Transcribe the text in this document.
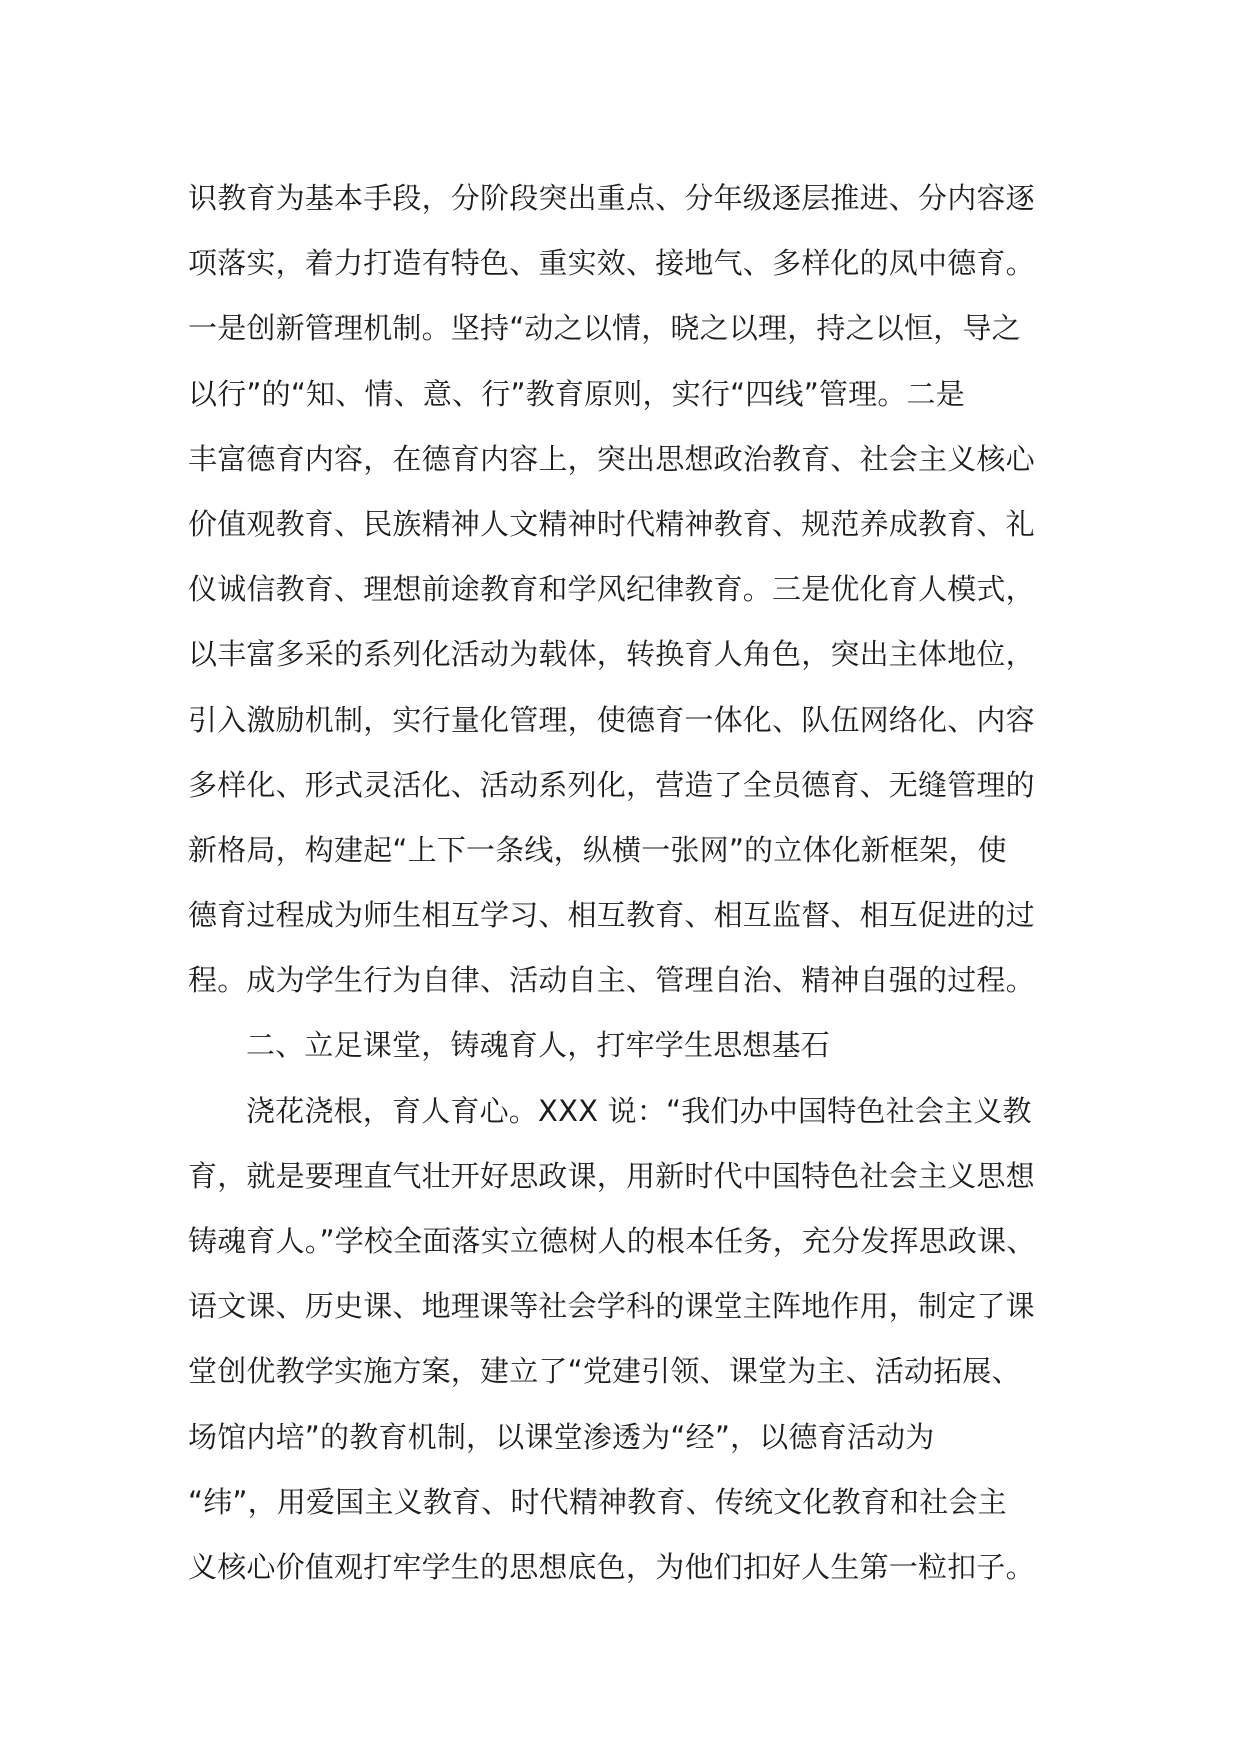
识教育为基本手段，分阶段突出重点、分年级逐层推进、分内容逐
项落实，着力打造有特色、重实效、接地气、多样化的凤中德育。
一是创新管理机制。坚持“动之以情，晓之以理，持之以恒，导之
以行”的“知、情、意、行”教育原则，实行“四线”管理。二是
丰富德育内容，在德育内容上，突出思想政治教育、社会主义核心
价值观教育、民族精神人文精神时代精神教育、规范养成教育、礼
仪诚信教育、理想前途教育和学风纪律教育。三是优化育人模式，
以丰富多采的系列化活动为载体，转换育人角色，突出主体地位，
引入激励机制，实行量化管理，使德育一体化、队伍网络化、内容
多样化、形式灵活化、活动系列化，营造了全员德育、无缝管理的
新格局，构建起“上下一条线，纵横一张网”的立体化新框架，使
德育过程成为师生相互学习、相互教育、相互监督、相互促进的过
程。成为学生行为自律、活动自主、管理自治、精神自强的过程。
二、立足课堂，铸魂育人，打牢学生思想基石
浇花浇根，育人育心。XXX 说：“我们办中国特色社会主义教
育，就是要理直气壮开好思政课，用新时代中国特色社会主义思想
铸魂育人。”学校全面落实立德树人的根本任务，充分发挥思政课、
语文课、历史课、地理课等社会学科的课堂主阵地作用，制定了课
堂创优教学实施方案，建立了“党建引领、课堂为主、活动拓展、
场馆内培”的教育机制，以课堂渗透为“经”，以德育活动为
“纬”，用爱国主义教育、时代精神教育、传统文化教育和社会主
义核心价值观打牢学生的思想底色，为他们扣好人生第一粒扣子。
